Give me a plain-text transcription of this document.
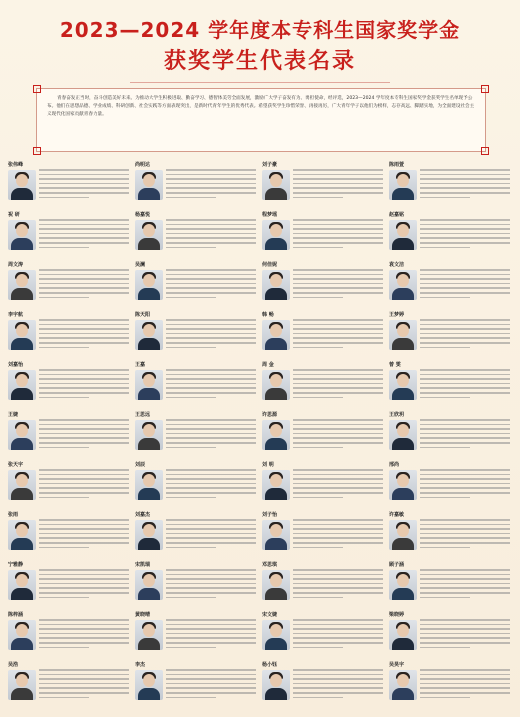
2023—2024 学年度本专科生国家奖学金
获奖学生代表名录
青春奋发正当时，奋斗创造美好未来。为推动大学生积极进取、勤奋学习、德智体美劳全面发展，激励广大学子奋发有为、勇担使命，经评选，2023—2024 学年度本专科生国家奖学金获奖学生名单现予公布。他们在思想品德、学业成绩、科研创新、社会实践等方面表现突出，是新时代青年学生的优秀代表。希望获奖学生珍惜荣誉、再接再厉，广大青年学子以他们为榜样，志存高远、脚踏实地，为全面建设社会主义现代化国家贡献青春力量。
张伟峰
祝 研
周文涛
李宇航
刘嘉怡
王婕
张天宇
张雨
宁雅静
陈梓涵
吴浩
尚明达
杨嘉悦
吴澜
陈天阳
王嘉
王思远
刘辰
刘嘉杰
宋凯瑞
黄晓晴
李杰
刘子豪
程梦瑶
何佳妮
韩 畅
周 金
许思源
刘 明
刘子怡
邓思琪
宋文婕
杨小钰
陈雨萱
赵嘉铭
袁文洁
王梦婷
曾 雯
王欣玥
邢尚
许嘉敏
顾子涵
梁晓婷
吴昊宇
